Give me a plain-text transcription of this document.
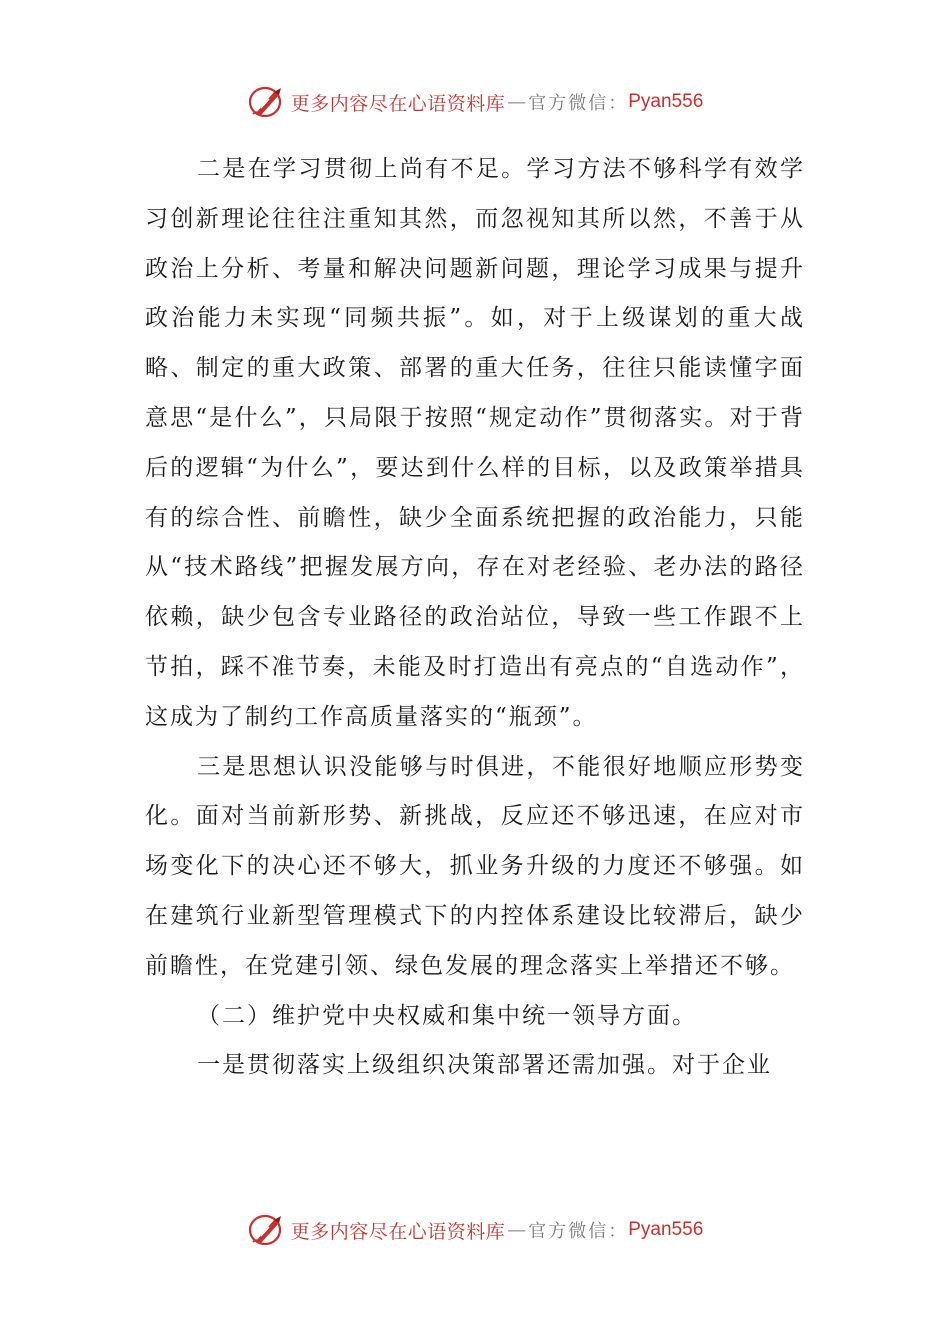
更多内容尽在心语资料库 — 官方微信： Pyan556

二是在学习贯彻上尚有不足。学习方法不够科学有效学习创新理论往往注重知其然，而忽视知其所以然，不善于从政治上分析、考量和解决问题新问题，理论学习成果与提升政治能力未实现“同频共振”。如，对于上级谋划的重大战略、制定的重大政策、部署的重大任务，往往只能读懂字面意思“是什么”，只局限于按照“规定动作”贯彻落实。对于背后的逻辑“为什么”，要达到什么样的目标，以及政策举措具有的综合性、前瞻性，缺少全面系统把握的政治能力，只能从“技术路线”把握发展方向，存在对老经验、老办法的路径依赖，缺少包含专业路径的政治站位，导致一些工作跟不上节拍，踩不准节奏，未能及时打造出有亮点的“自选动作”，这成为了制约工作高质量落实的“瓶颈”。

三是思想认识没能够与时俱进，不能很好地顺应形势变化。面对当前新形势、新挑战，反应还不够迅速，在应对市场变化下的决心还不够大，抓业务升级的力度还不够强。如在建筑行业新型管理模式下的内控体系建设比较滞后，缺少前瞻性，在党建引领、绿色发展的理念落实上举措还不够。

（二）维护党中央权威和集中统一领导方面。

一是贯彻落实上级组织决策部署还需加强。对于企业

更多内容尽在心语资料库 — 官方微信： Pyan556
